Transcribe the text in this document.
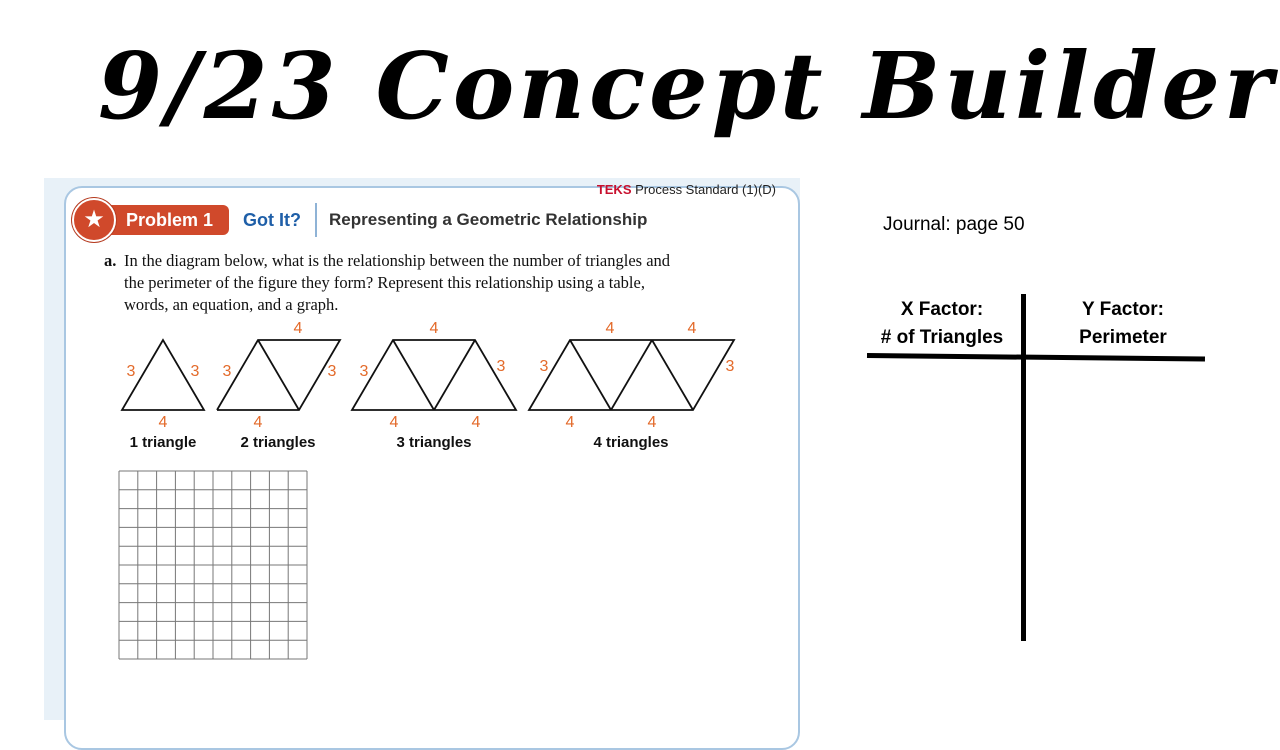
9/23 Concept Builder
TEKS Process Standard (1)(D)
★	Problem 1	Got It?	Representing a Geometric Relationship
a. In the diagram below, what is the relationship between the number of triangles and the perimeter of the figure they form? Represent this relationship using a table, words, an equation, and a graph.
3	3
4
4
3	3
4
4
3	3
4	4
4	4
3	3
4	4
1 triangle	2 triangles	3 triangles	4 triangles
Journal: page 50
X Factor:
# of Triangles
Y Factor:
Perimeter
